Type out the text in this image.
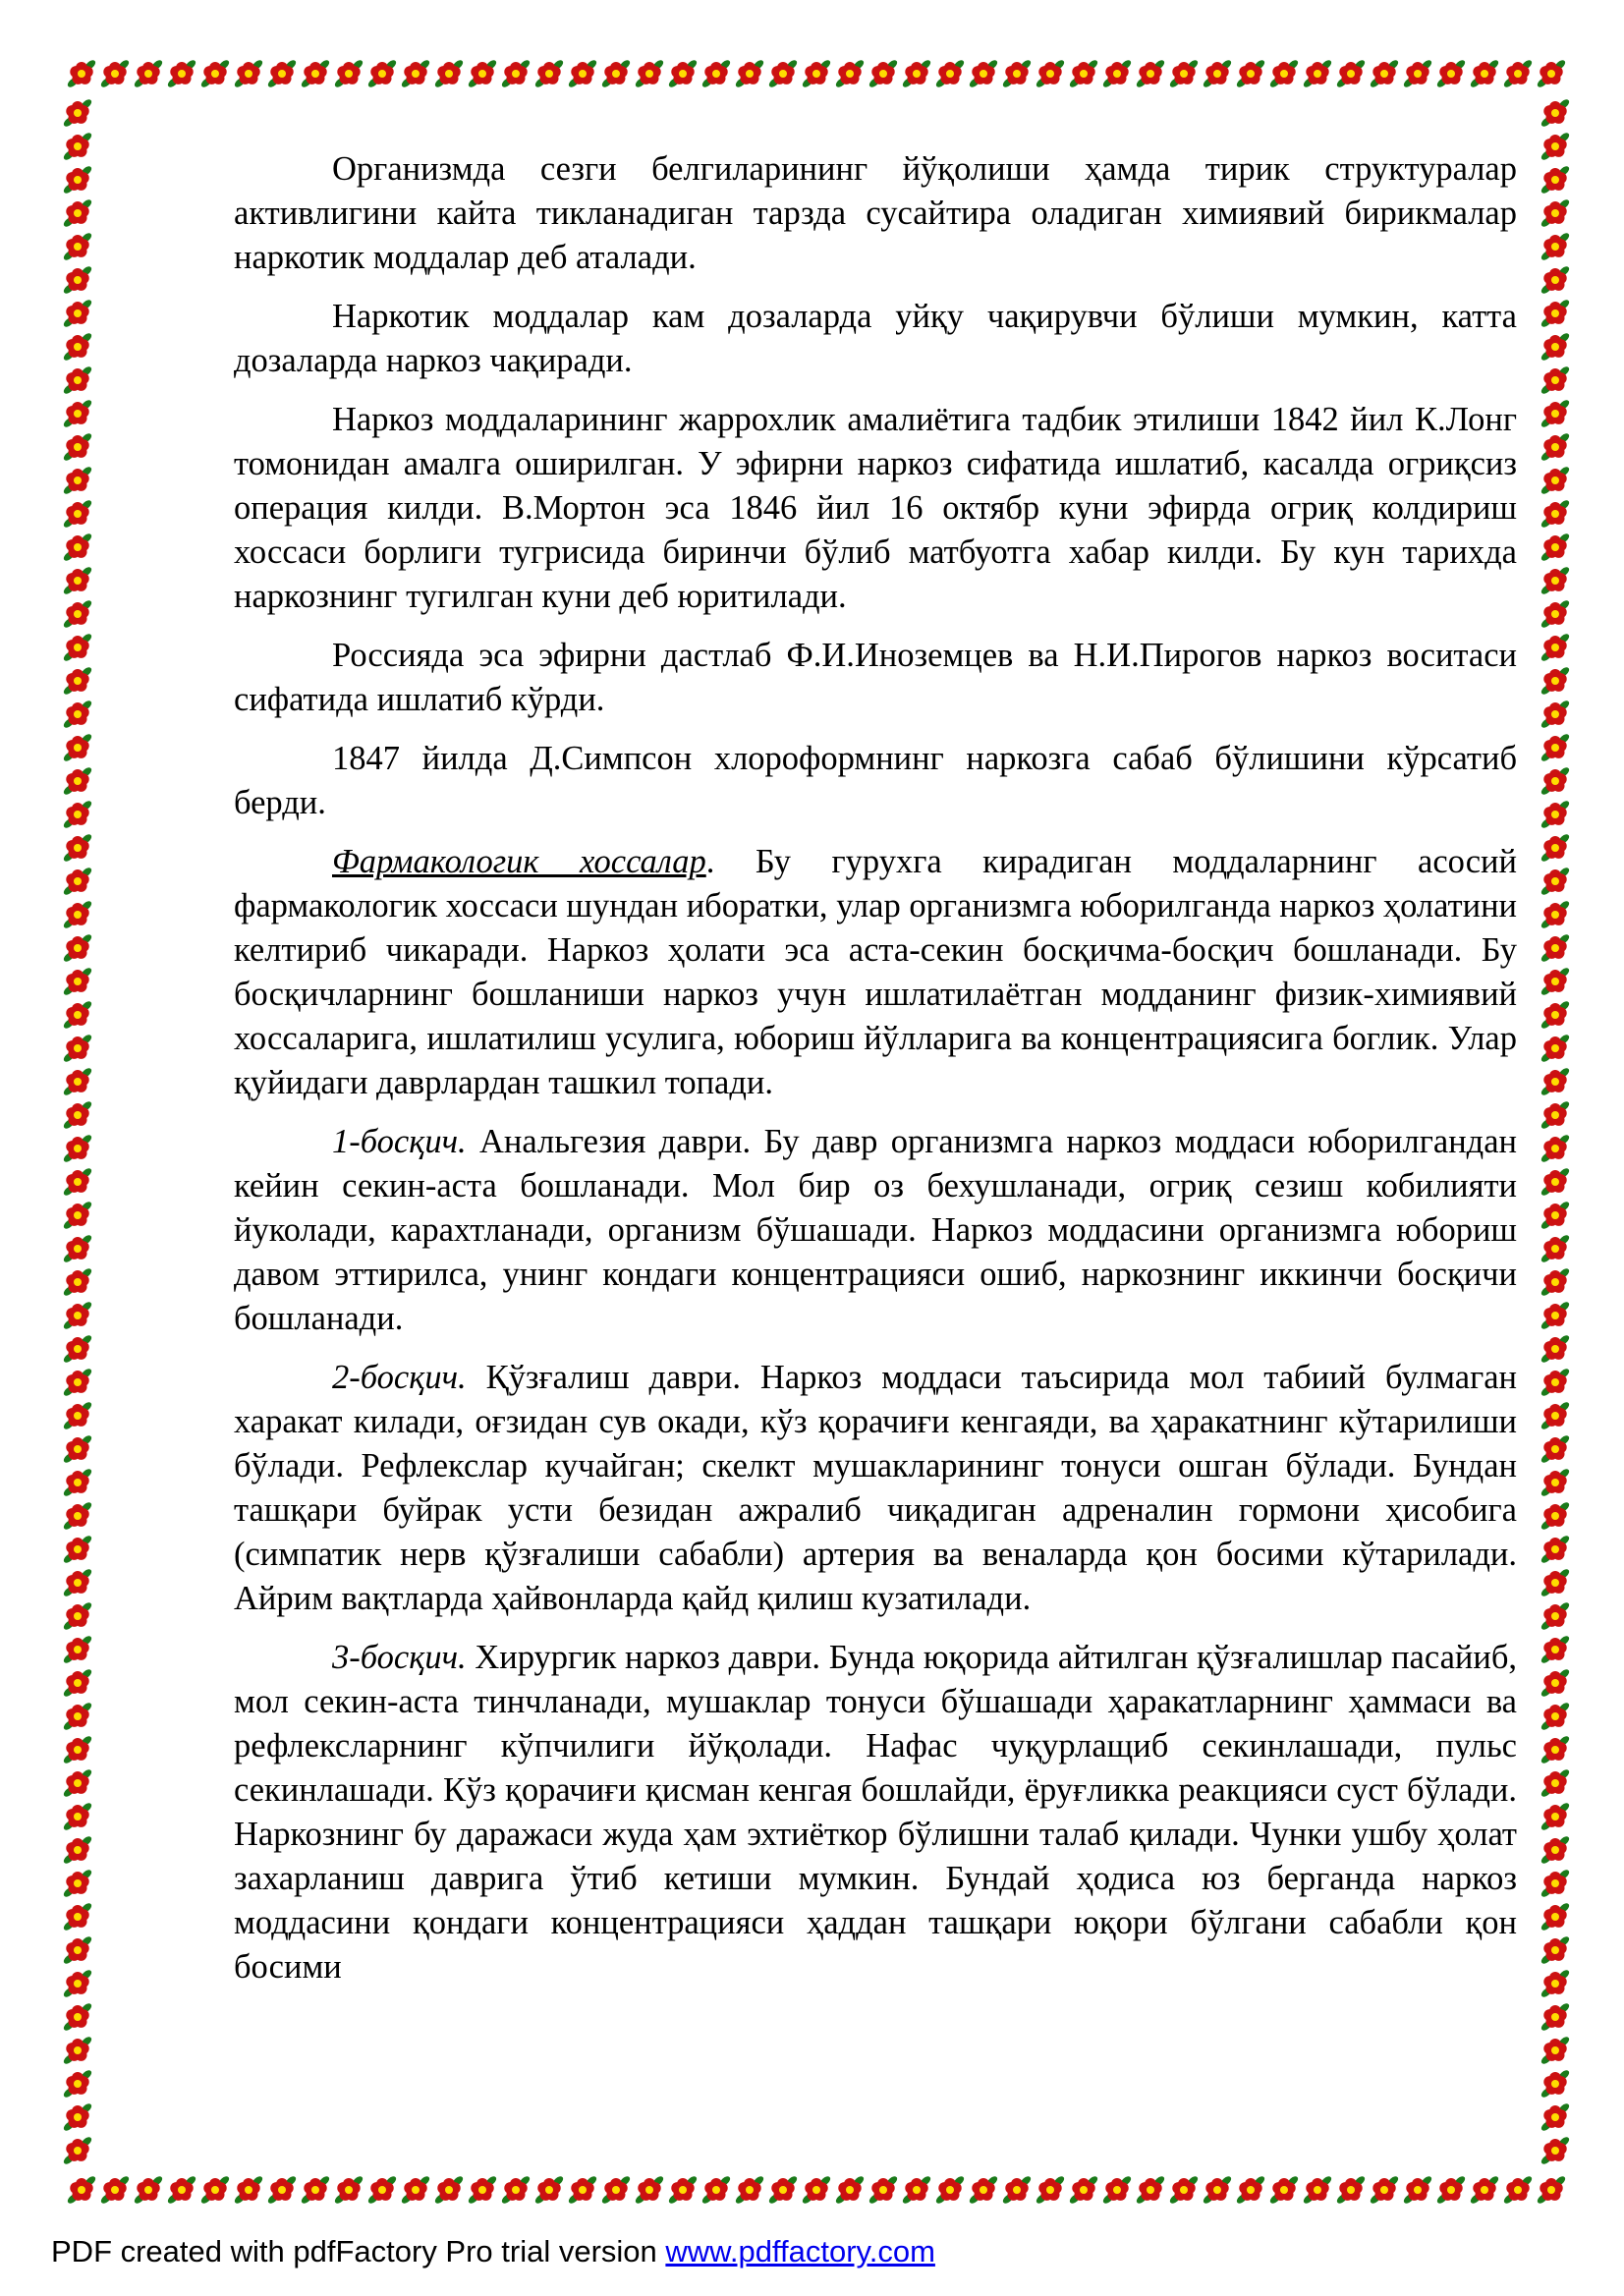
Организмда сезги белгиларининг йўқолиши ҳамда тирик структуралар активлигини кайта тикланадиган тарзда сусайтира оладиган химиявий бирикмалар наркотик моддалар деб аталади.

Наркотик моддалар кам дозаларда уйқу чақирувчи бўлиши мумкин, катта дозаларда наркоз чақиради.

Наркоз моддаларининг жаррохлик амалиётига тадбик этилиши 1842 йил К.Лонг томонидан амалга оширилган. У эфирни наркоз сифатида ишлатиб, касалда огриқсиз операция килди. В.Мортон эса 1846 йил 16 октябр куни эфирда огриқ колдириш хоссаси борлиги тугрисида биринчи бўлиб матбуотга хабар килди. Бу кун тарихда наркознинг тугилган куни деб юритилади.

Россияда эса эфирни дастлаб Ф.И.Иноземцев ва Н.И.Пирогов наркоз воситаси сифатида ишлатиб кўрди.

1847 йилда Д.Симпсон хлороформнинг наркозга сабаб бўлишини кўрсатиб берди.

Фармакологик хоссалар. Бу гурухга кирадиган моддаларнинг асосий фармакологик хоссаси шундан иборатки, улар организмга юборилганда наркоз ҳолатини келтириб чикаради. Наркоз ҳолати эса аста-секин босқичма-босқич бошланади. Бу босқичларнинг бошланиши наркоз учун ишлатилаётган модданинг физик-химиявий хоссаларига, ишлатилиш усулига, юбориш йўлларига ва концентрациясига боглик. Улар қуйидаги даврлардан ташкил топади.

1-босқич. Анальгезия даври. Бу давр организмга наркоз моддаси юборилгандан кейин секин-аста бошланади. Мол бир оз бехушланади, огриқ сезиш кобилияти йуколади, карахтланади, организм бўшашади. Наркоз моддасини организмга юбориш давом эттирилса, унинг кондаги концентрацияси ошиб, наркознинг иккинчи босқичи бошланади.

2-босқич. Қўзғалиш даври. Наркоз моддаси таъсирида мол табиий булмаган харакат килади, оғзидан сув окади, кўз қорачиғи кенгаяди, ва ҳаракатнинг кўтарилиши бўлади. Рефлекслар кучайган; скелкт мушакларининг тонуси ошган бўлади. Бундан ташқари буйрак усти безидан ажралиб чиқадиган адреналин гормони ҳисобига (симпатик нерв қўзғалиши сабабли) артерия ва веналарда қон босими кўтарилади. Айрим вақтларда ҳайвонларда қайд қилиш кузатилади.

3-босқич. Хирургик наркоз даври. Бунда юқорида айтилган қўзғалишлар пасайиб, мол секин-аста тинчланади, мушаклар тонуси бўшашади ҳаракатларнинг ҳаммаси ва рефлексларнинг кўпчилиги йўқолади. Нафас чуқурлащиб секинлашади, пульс секинлашади. Кўз қорачиғи қисман кенгая бошлайди, ёруғликка реакцияси суст бўлади. Наркознинг бу даражаси жуда ҳам эхтиёткор бўлишни талаб қилади. Чунки ушбу ҳолат захарланиш даврига ўтиб кетиши мумкин. Бундай ҳодиса юз берганда наркоз моддасини қондаги концентрацияси ҳаддан ташқари юқори бўлгани сабабли қон босими

PDF created with pdfFactory Pro trial version www.pdffactory.com
